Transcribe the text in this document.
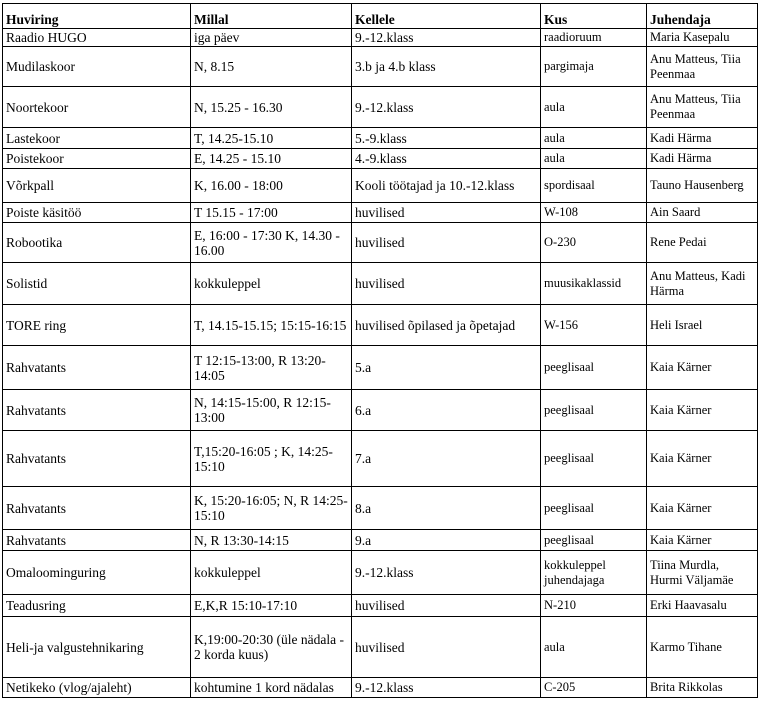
Huviring	Millal	Kellele	Kus	Juhendaja
Raadio HUGO	iga päev	9.-12.klass	raadioruum	Maria Kasepalu
Mudilaskoor	N, 8.15	3.b ja 4.b klass	pargimaja	Anu Matteus, Tiia Peenmaa
Noortekoor	N, 15.25 - 16.30	9.-12.klass	aula	Anu Matteus, Tiia Peenmaa
Lastekoor	T, 14.25-15.10	5.-9.klass	aula	Kadi Härma
Poistekoor	E, 14.25 - 15.10	4.-9.klass	aula	Kadi Härma
Võrkpall	K, 16.00 - 18:00	Kooli töötajad ja 10.-12.klass	spordisaal	Tauno Hausenberg
Poiste käsitöö	T 15.15 - 17:00	huvilised	W-108	Ain Saard
Robootika	E, 16:00 - 17:30 K, 14.30 - 16.00	huvilised	O-230	Rene Pedai
Solistid	kokkuleppel	huvilised	muusikaklassid	Anu Matteus, Kadi Härma
TORE ring	T, 14.15-15.15; 15:15-16:15	huvilised õpilased ja õpetajad	W-156	Heli Israel
Rahvatants	T 12:15-13:00, R 13:20-14:05	5.a	peeglisaal	Kaia Kärner
Rahvatants	N, 14:15-15:00, R 12:15-13:00	6.a	peeglisaal	Kaia Kärner
Rahvatants	T,15:20-16:05 ; K, 14:25-15:10	7.a	peeglisaal	Kaia Kärner
Rahvatants	K, 15:20-16:05; N, R 14:25-15:10	8.a	peeglisaal	Kaia Kärner
Rahvatants	N, R 13:30-14:15	9.a	peeglisaal	Kaia Kärner
Omaloominguring	kokkuleppel	9.-12.klass	kokkuleppel juhendajaga	Tiina Murdla, Hurmi Väljamäe
Teadusring	E,K,R 15:10-17:10	huvilised	N-210	Erki Haavasalu
Heli-ja valgustehnikaring	K,19:00-20:30 (üle nädala - 2 korda kuus)	huvilised	aula	Karmo Tihane
Netikeko (vlog/ajaleht)	kohtumine 1 kord nädalas	9.-12.klass	C-205	Brita Rikkolas
